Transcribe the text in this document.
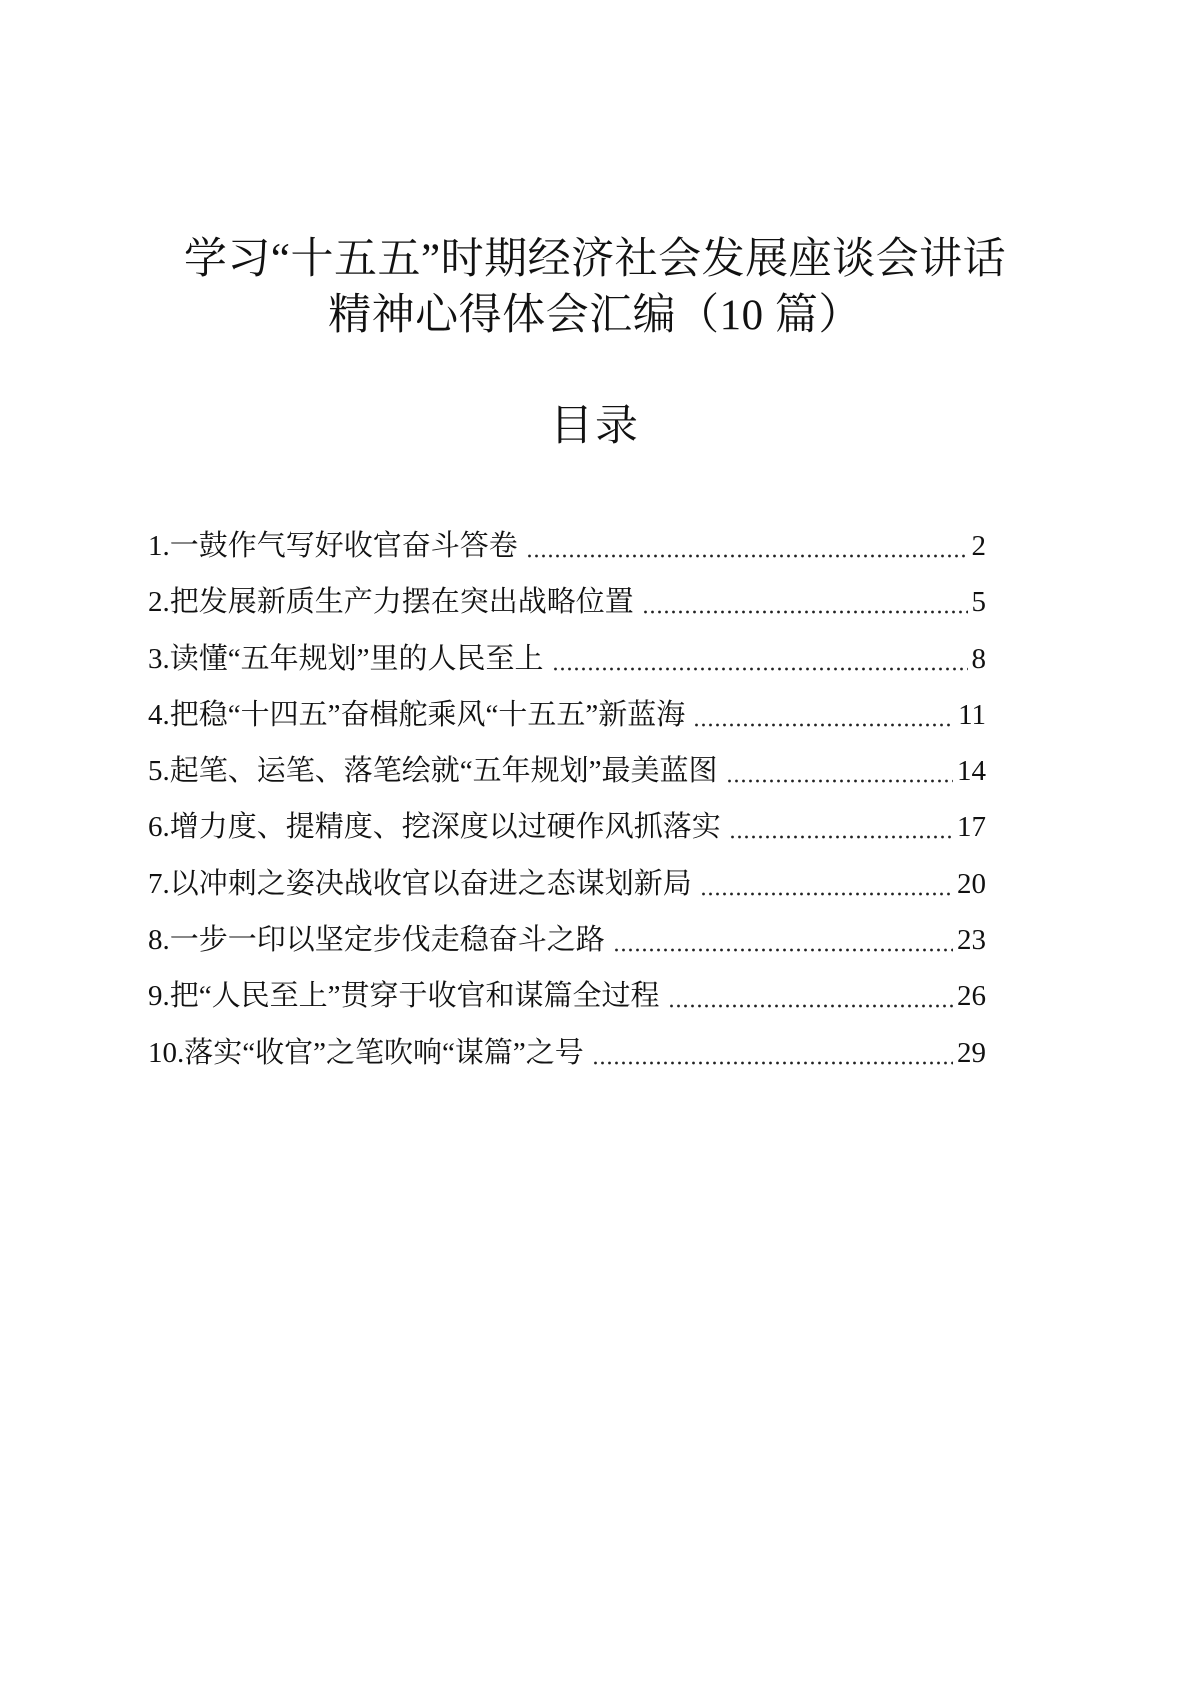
学习“十五五”时期经济社会发展座谈会讲话
精神心得体会汇编（10 篇）
目录
1.一鼓作气写好收官奋斗答卷	2
2.把发展新质生产力摆在突出战略位置	5
3.读懂“五年规划”里的人民至上	8
4.把稳“十四五”奋楫舵乘风“十五五”新蓝海	11
5.起笔、运笔、落笔绘就“五年规划”最美蓝图	14
6.增力度、提精度、挖深度以过硬作风抓落实	17
7.以冲刺之姿决战收官以奋进之态谋划新局	20
8.一步一印以坚定步伐走稳奋斗之路	23
9.把“人民至上”贯穿于收官和谋篇全过程	26
10.落实“收官”之笔吹响“谋篇”之号	29
